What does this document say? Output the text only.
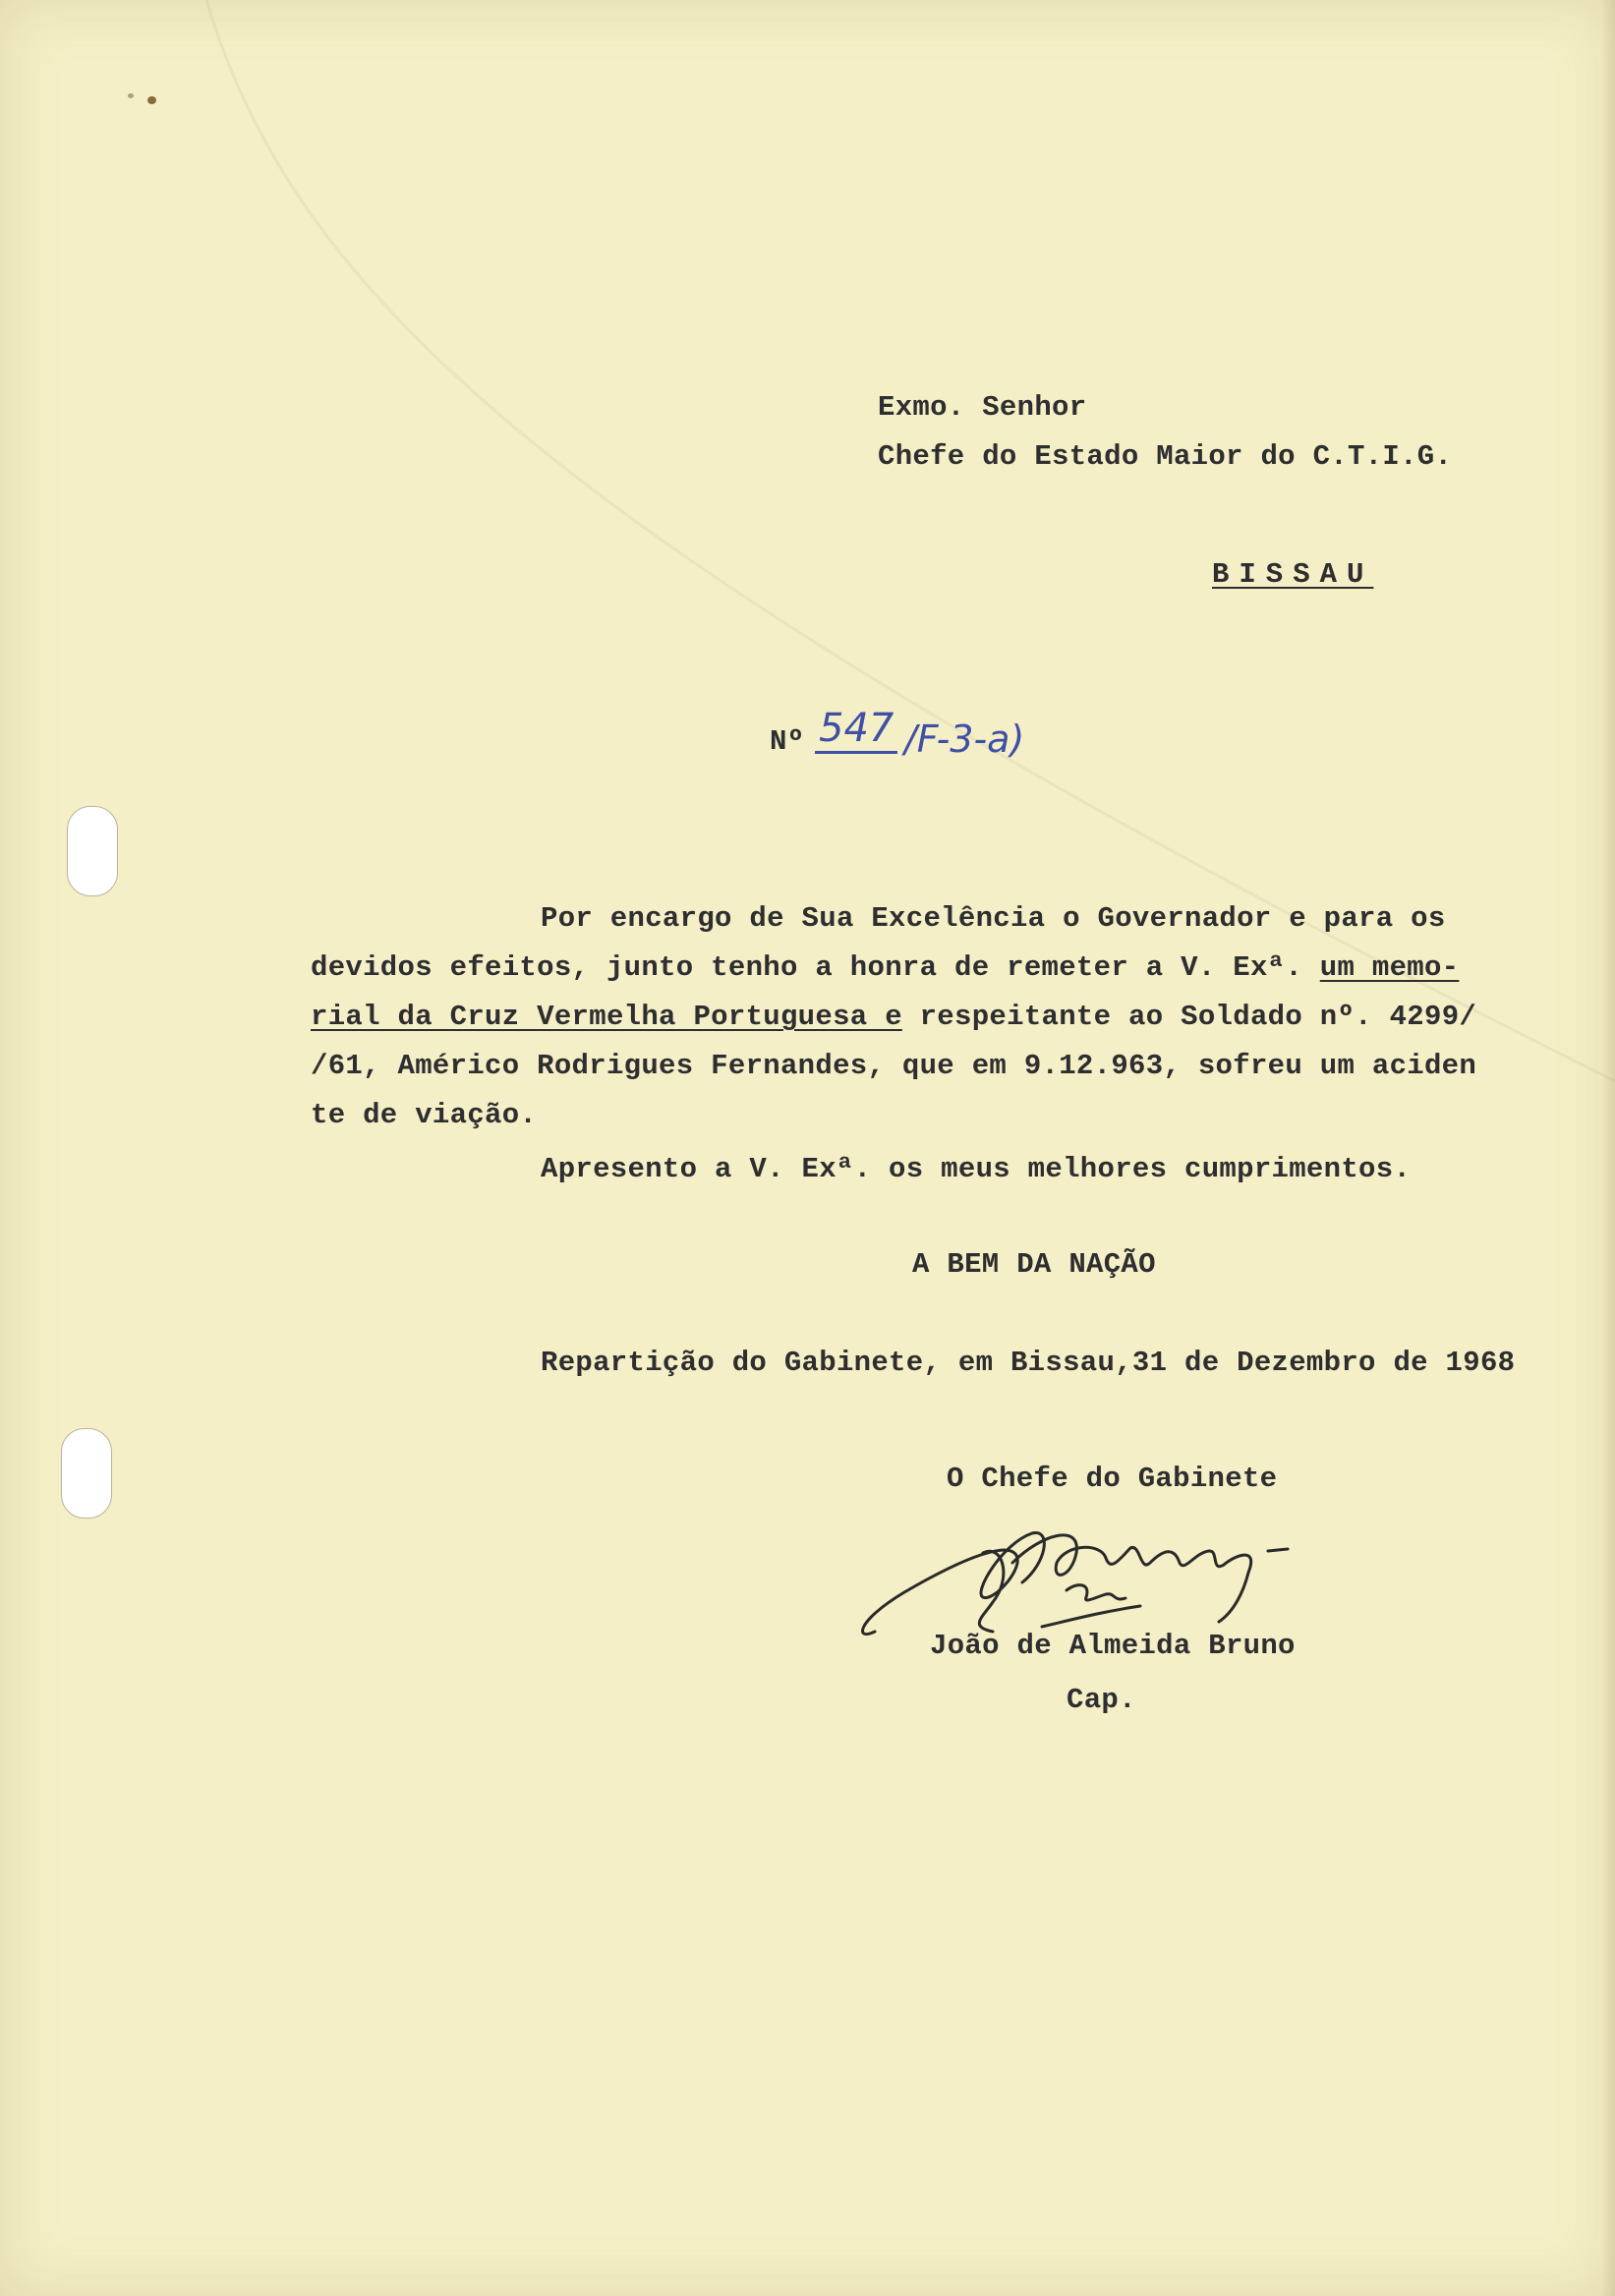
Exmo. Senhor

Chefe do Estado Maior do C.T.I.G.

BISSAU

Nº 547 /F-3-a)

Por encargo de Sua Excelência o Governador e para os

devidos efeitos, junto tenho a honra de remeter a V. Exª. um memo-

rial da Cruz Vermelha Portuguesa e respeitante ao Soldado nº. 4299/

/61, Américo Rodrigues Fernandes, que em 9.12.963, sofreu um aciden

te de viação.

Apresento a V. Exª. os meus melhores cumprimentos.

A BEM DA NAÇÃO

Repartição do Gabinete, em Bissau,31 de Dezembro de 1968

O Chefe do Gabinete

João de Almeida Bruno

Cap.
